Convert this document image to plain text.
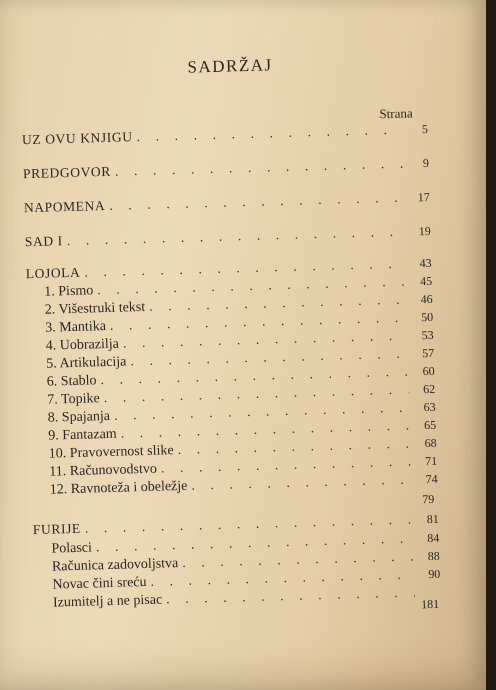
SADRŽAJ
Strana
UZ OVU KNJIGU
. . .
5
PREDGOVOR
. . .
9
NAPOMENA
. . .
17
SAD I
. . .
19
LOJOLA
. . .
43
1. Pismo
. . .
45
2. Višestruki tekst
. . .
46
3. Mantika
. . .
50
4. Uobrazilja
. . .
53
5. Artikulacija
. . .
57
6. Stablo
. . .
60
7. Topike
. . .
62
8. Spajanja
. . .
63
9. Fantazam
. . .
65
10. Pravovernost slike
. . .
68
11. Računovodstvo
. . .
71
12. Ravnoteža i obeležje . . .	74
79
FURIJE
. . .
81
Polasci
. . .
84
Računica zadovoljstva
. . .
88
Novac čini sreću
. . .
90
Izumitelj a ne pisac . . .	181
